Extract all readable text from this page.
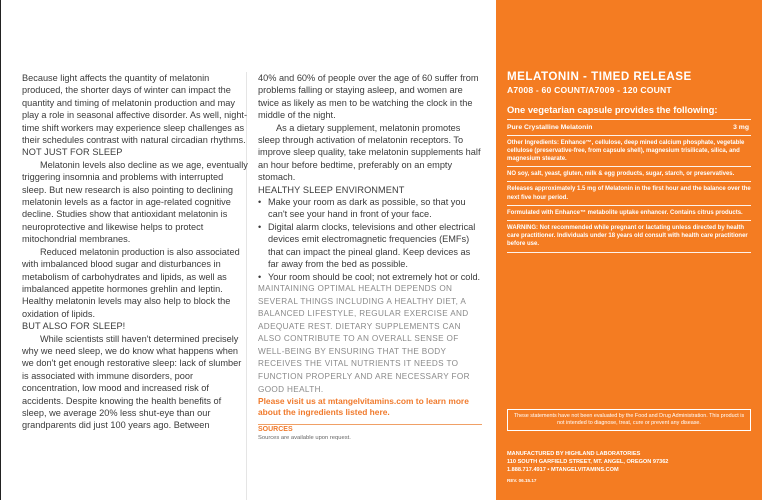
Because light affects the quantity of melatonin produced, the shorter days of winter can impact the quantity and timing of melatonin production and may play a role in seasonal affective disorder. As well, night-time shift workers may experience sleep challenges as their schedules contrast with natural circadian rhythms.

NOT JUST FOR SLEEP

Melatonin levels also decline as we age, eventually triggering insomnia and problems with interrupted sleep. But new research is also pointing to declining melatonin levels as a factor in age-related cognitive decline. Studies show that antioxidant melatonin is neuroprotective and likewise helps to protect mitochondrial membranes.

Reduced melatonin production is also associated with imbalanced blood sugar and disturbances in metabolism of carbohydrates and lipids, as well as imbalanced appetite hormones grehlin and leptin. Healthy melatonin levels may also help to block the oxidation of lipids.

BUT ALSO FOR SLEEP!

While scientists still haven't determined precisely why we need sleep, we do know what happens when we don't get enough restorative sleep: lack of slumber is associated with immune disorders, poor concentration, low mood and increased risk of accidents. Despite knowing the health benefits of sleep, we average 20% less shut-eye than our grandparents did just 100 years ago. Between

40% and 60% of people over the age of 60 suffer from problems falling or staying asleep, and women are twice as likely as men to be watching the clock in the middle of the night.

As a dietary supplement, melatonin promotes sleep through activation of melatonin receptors. To improve sleep quality, take melatonin supplements half an hour before bedtime, preferably on an empty stomach.

HEALTHY SLEEP ENVIRONMENT

• Make your room as dark as possible, so that you can't see your hand in front of your face.

• Digital alarm clocks, televisions and other electrical devices emit electromagnetic frequencies (EMFs) that can impact the pineal gland. Keep devices as far away from the bed as possible.

• Your room should be cool; not extremely hot or cold.

MAINTAINING OPTIMAL HEALTH DEPENDS ON SEVERAL THINGS INCLUDING A HEALTHY DIET, A BALANCED LIFESTYLE, REGULAR EXERCISE AND ADEQUATE REST. DIETARY SUPPLEMENTS CAN ALSO CONTRIBUTE TO AN OVERALL SENSE OF WELL-BEING BY ENSURING THAT THE BODY RECEIVES THE VITAL NUTRIENTS IT NEEDS TO FUNCTION PROPERLY AND ARE NECESSARY FOR GOOD HEALTH.

Please visit us at mtangelvitamins.com to learn more about the ingredients listed here.

SOURCES

Sources are available upon request.

MELATONIN - TIMED RELEASE
A7008 - 60 COUNT/A7009 - 120 COUNT
One vegetarian capsule provides the following:
Pure Crystalline Melatonin	3 mg
Other Ingredients: Enhance™, cellulose, deep mined calcium phosphate, vegetable cellulose (preservative-free, from capsule shell), magnesium trisilicate, silica, and magnesium stearate.
NO soy, salt, yeast, gluten, milk & egg products, sugar, starch, or preservatives.
Releases approximately 1.5 mg of Melatonin in the first hour and the balance over the next five hour period.
Formulated with Enhance™ metabolite uptake enhancer. Contains citrus products.
WARNING: Not recommended while pregnant or lactating unless directed by health care practitioner. Individuals under 18 years old consult with health care practitioner before use.
These statements have not been evaluated by the Food and Drug Administration. This product is not intended to diagnose, treat, cure or prevent any disease.
MANUFACTURED BY HIGHLAND LABORATORIES
110 SOUTH GARFIELD STREET, MT. ANGEL, OREGON 97362
1.888.717.4917 • MTANGELVITAMINS.COM
REV. 06.15.17
